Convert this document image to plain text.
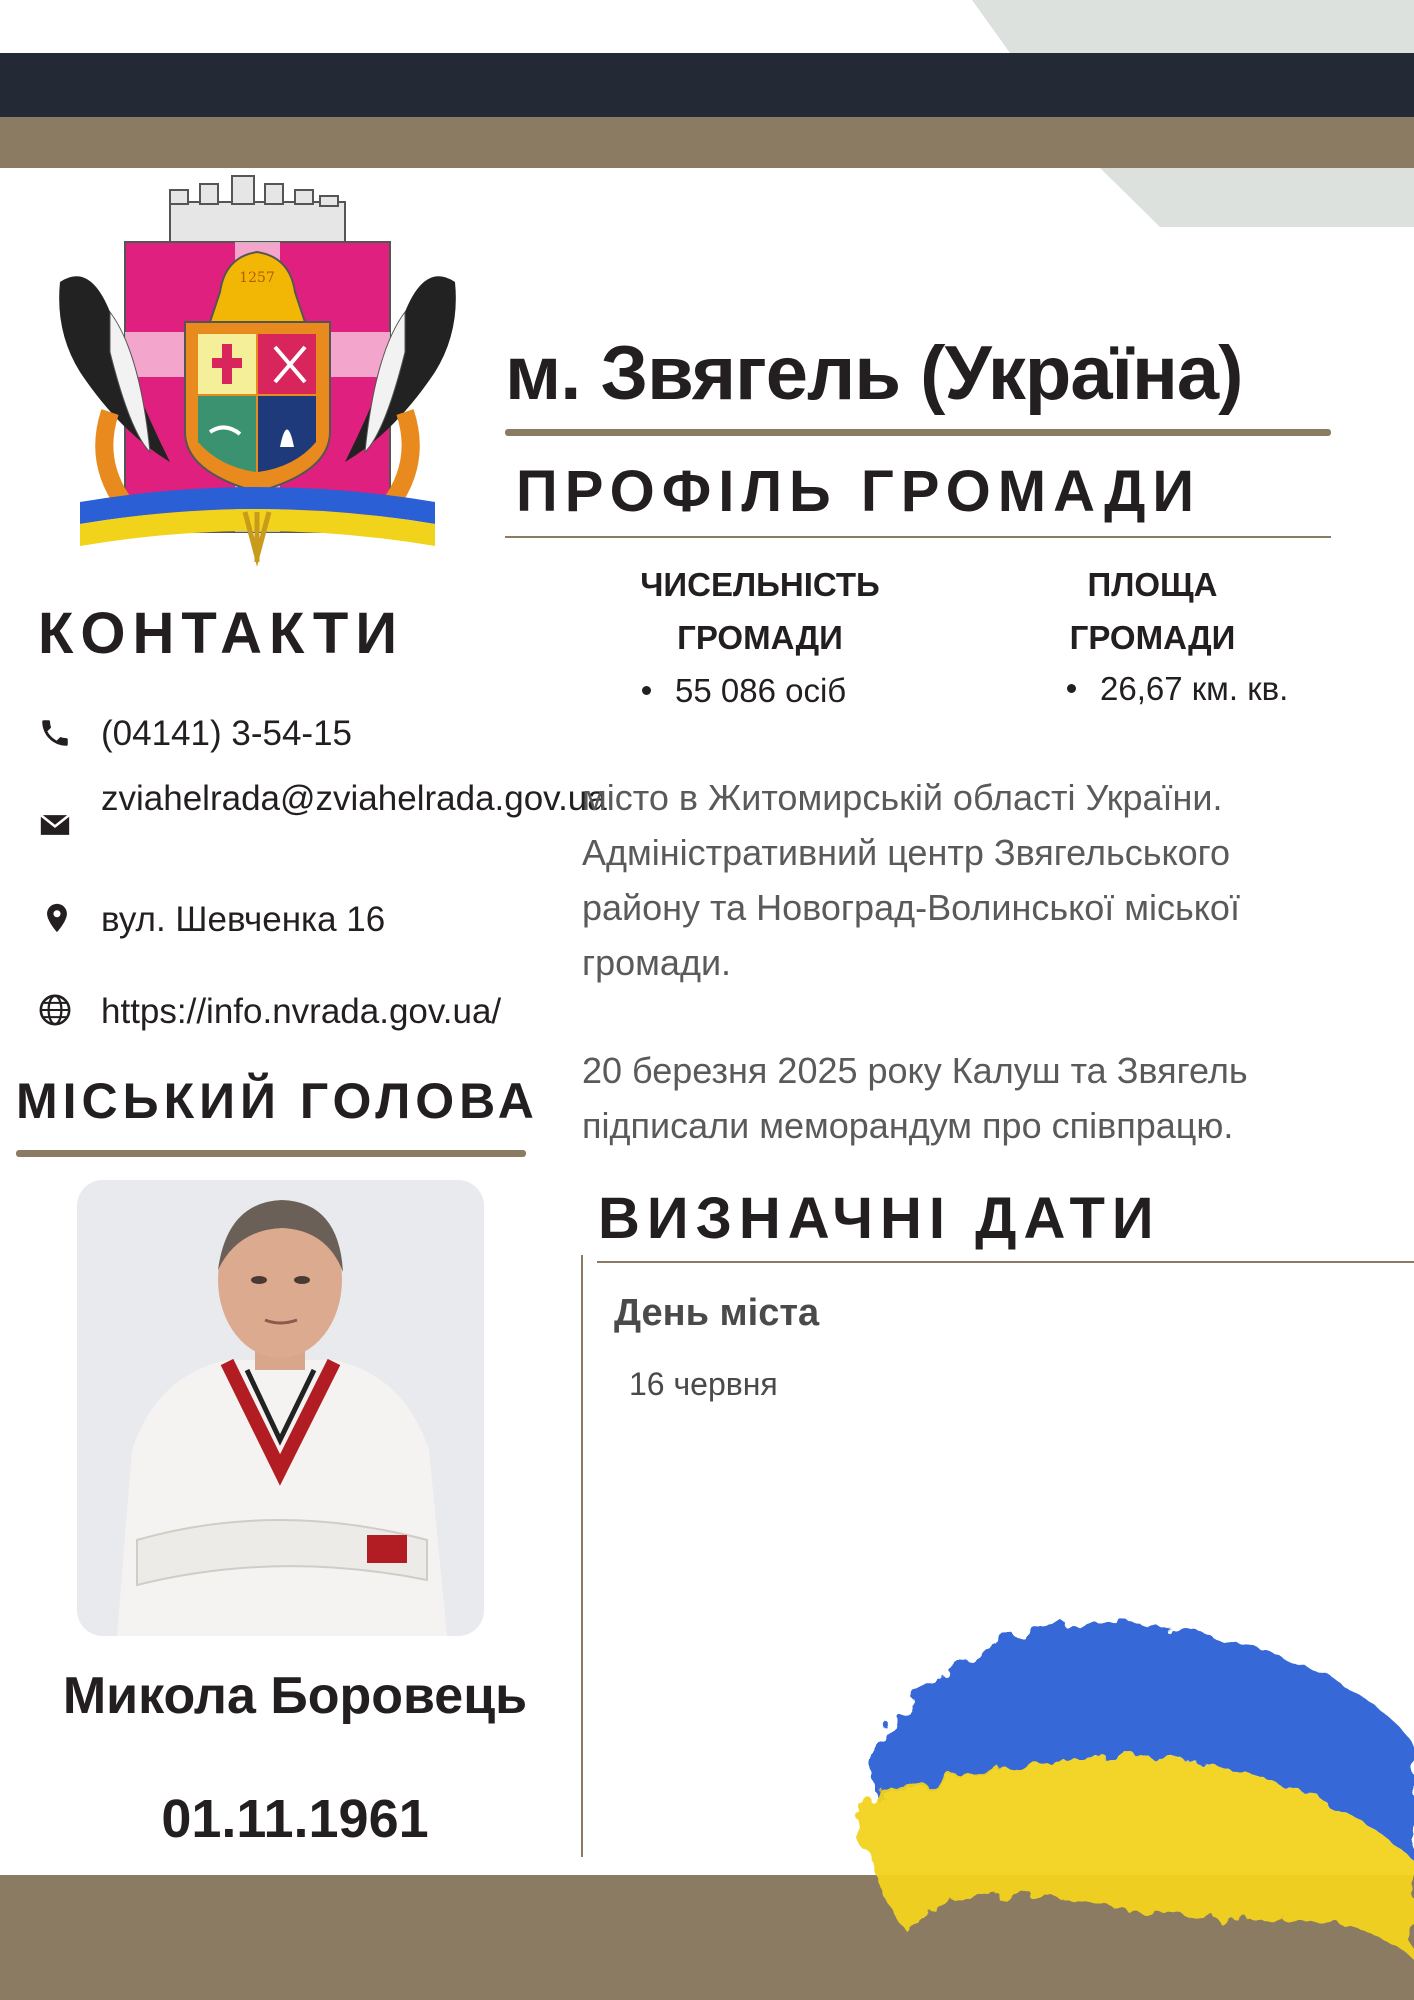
1257
м. Звягель (Україна)
ПРОФІЛЬ ГРОМАДИ
ЧИСЕЛЬНІСТЬ ГРОМАДИ
55 086 осіб
ПЛОЩА ГРОМАДИ
26,67 км. кв.
КОНТАКТИ
(04141) 3-54-15
zviahelrada@zviahelrada.gov.ua
вул. Шевченка 16
https://info.nvrada.gov.ua/
МІСЬКИЙ ГОЛОВА
Микола Боровець
01.11.1961

місто в Житомирській області України. Адміністративний центр Звягельського району та Новоград-Волинської міської громади.

20 березня 2025 року Калуш та Звягель підписали меморандум про співпрацю.

ВИЗНАЧНІ ДАТИ
День міста
16 червня
